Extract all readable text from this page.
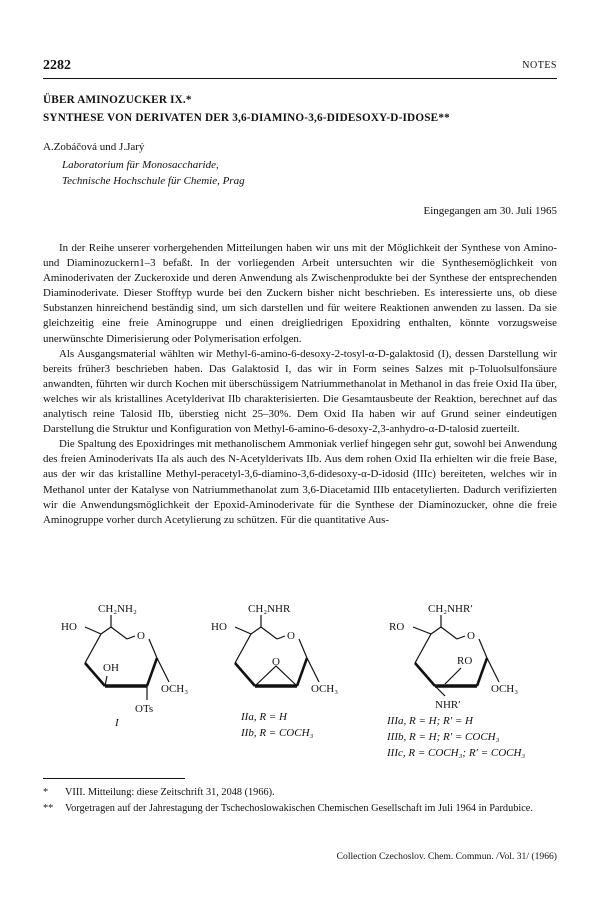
2282	NOTES
ÜBER AMINOZUCKER IX.*
SYNTHESE VON DERIVATEN DER 3,6-DIAMINO-3,6-DIDESOXY-D-IDOSE**
A.Zobáčová und J.Jarý
Laboratorium für Monosaccharide,
Technische Hochschule für Chemie, Prag
Eingegangen am 30. Juli 1965

In der Reihe unserer vorhergehenden Mitteilungen haben wir uns mit der Möglichkeit der Synthese von Amino- und Diaminozuckern1–3 befaßt. In der vorliegenden Arbeit untersuchten wir die Synthesemöglichkeit von Aminoderivaten der Zuckeroxide und deren Anwendung als Zwischenprodukte bei der Synthese der entsprechenden Diaminoderivate. Dieser Stofftyp wurde bei den Zuckern bisher nicht beschrieben. Es interessierte uns, ob diese Substanzen hinreichend beständig sind, um sich darstellen und für weitere Reaktionen anwenden zu lassen. Da sie gleichzeitig eine freie Aminogruppe und einen dreigliedrigen Epoxidring enthalten, könnte vorzugsweise unerwünschte Dimerisierung oder Polymerisation erfolgen.

Als Ausgangsmaterial wählten wir Methyl-6-amino-6-desoxy-2-tosyl-α-D-galaktosid (I), dessen Darstellung wir bereits früher3 beschrieben haben. Das Galaktosid I, das wir in Form seines Salzes mit p-Toluolsulfonsäure anwandten, führten wir durch Kochen mit überschüssigem Natriummethanolat in Methanol in das freie Oxid IIa über, welches wir als kristallines Acetylderivat IIb charakterisierten. Die Gesamtausbeute der Reaktion, berechnet auf das analytisch reine Talosid IIb, überstieg nicht 25–30%. Dem Oxid IIa haben wir auf Grund seiner eindeutigen Darstellung die Struktur und Konfiguration von Methyl-6-amino-6-desoxy-2,3-anhydro-α-D-talosid zuerteilt.

Die Spaltung des Epoxidringes mit methanolischem Ammoniak verlief hingegen sehr gut, sowohl bei Anwendung des freien Aminoderivats IIa als auch des N-Acetylderivats IIb. Aus dem rohen Oxid IIa erhielten wir die freie Base, aus der wir das kristalline Methyl-peracetyl-3,6-diamino-3,6-didesoxy-α-D-idosid (IIIc) bereiteten, welches wir in Methanol unter der Katalyse von Natriummethanolat zum 3,6-Diacetamid IIIb entacetylierten. Dadurch verifizierten wir die Anwendungsmöglichkeit der Epoxid-Aminoderivate für die Synthese der Diaminozucker, ohne die freie Aminogruppe vorher durch Acetylierung zu schützen. Für die quantitative Aus-

CH₂NH₂
HO
O
OH
OTs
OCH₃
I
CH₂NHR
HO
O
O
OCH₃
IIa, R = H
IIb, R = COCH₃
CH₂NHR′
RO
O
RO
NHR′
OCH₃
IIIa, R = H; R′ = H
IIIb, R = H; R′ = COCH₃
IIIc, R = COCH₃; R′ = COCH₃
* VIII. Mitteilung: diese Zeitschrift 31, 2048 (1966).
** Vorgetragen auf der Jahrestagung der Tschechoslowakischen Chemischen Gesellschaft im Juli 1964 in Pardubice.
Collection Czechoslov. Chem. Commun. /Vol. 31/ (1966)
